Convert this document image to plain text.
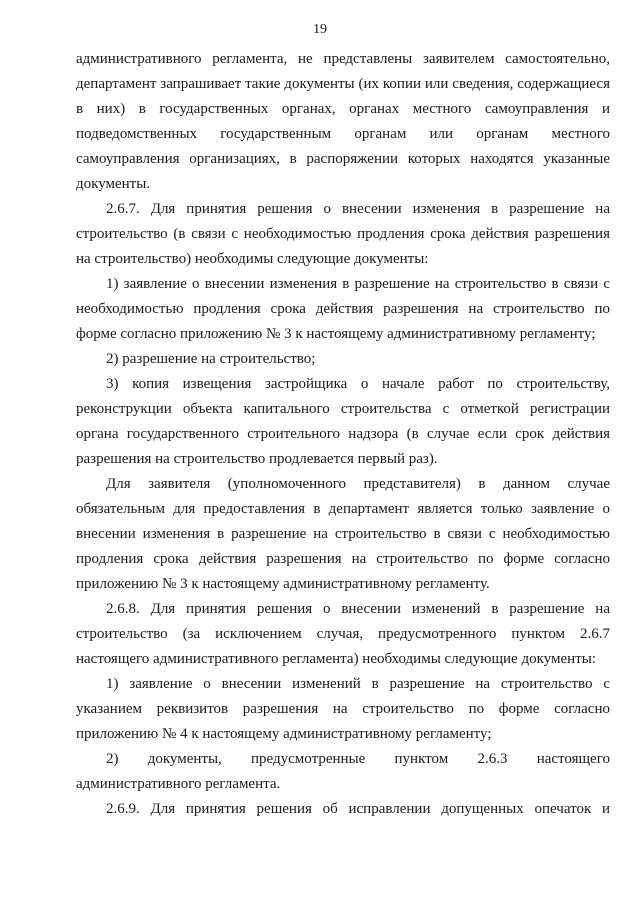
19

административного регламента, не представлены заявителем самостоятельно, департамент запрашивает такие документы (их копии или сведения, содержащиеся в них) в государственных органах, органах местного самоуправления и подведомственных государственным органам или органам местного самоуправления организациях, в распоряжении которых находятся указанные документы.

2.6.7. Для принятия решения о внесении изменения в разрешение на строительство (в связи с необходимостью продления срока действия разрешения на строительство) необходимы следующие документы:

1) заявление о внесении изменения в разрешение на строительство в связи с необходимостью продления срока действия разрешения на строительство по форме согласно приложению № 3 к настоящему административному регламенту;

2) разрешение на строительство;

3) копия извещения застройщика о начале работ по строительству, реконструкции объекта капитального строительства с отметкой регистрации органа государственного строительного надзора (в случае если срок действия разрешения на строительство продлевается первый раз).

Для заявителя (уполномоченного представителя) в данном случае обязательным для предоставления в департамент является только заявление о внесении изменения в разрешение на строительство в связи с необходимостью продления срока действия разрешения на строительство по форме согласно приложению № 3 к настоящему административному регламенту.

2.6.8. Для принятия решения о внесении изменений в разрешение на строительство (за исключением случая, предусмотренного пунктом 2.6.7 настоящего административного регламента) необходимы следующие документы:

1) заявление о внесении изменений в разрешение на строительство с указанием реквизитов разрешения на строительство по форме согласно приложению № 4 к настоящему административному регламенту;

2) документы, предусмотренные пунктом 2.6.3 настоящего административного регламента.

2.6.9. Для принятия решения об исправлении допущенных опечаток и
